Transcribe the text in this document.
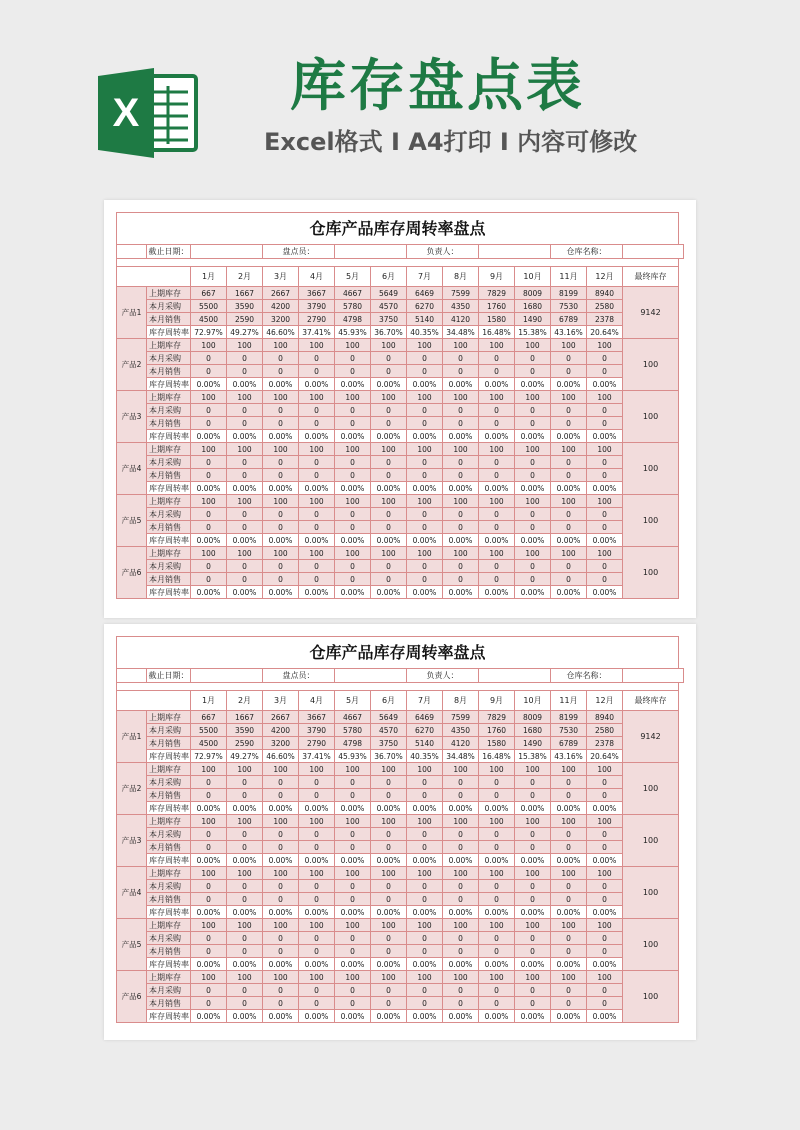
X	库存盘点表
Excel格式 I A4打印 I 内容可修改
仓库产品库存周转率盘点														
	截止日期：			盘点员：				负责人：				仓库名称：		

		1月	2月	3月	4月	5月	6月	7月	8月	9月	10月	11月	12月	最终库存
产品1	上期库存	667	1667	2667	3667	4667	5649	6469	7599	7829	8009	8199	8940	9142
	本月采购	5500	3590	4200	3790	5780	4570	6270	4350	1760	1680	7530	2580	
	本月销售	4500	2590	3200	2790	4798	3750	5140	4120	1580	1490	6789	2378	
	库存周转率	72.97%	49.27%	46.60%	37.41%	45.93%	36.70%	40.35%	34.48%	16.48%	15.38%	43.16%	20.64%	
产品2	上期库存	100	100	100	100	100	100	100	100	100	100	100	100	100
	本月采购	0	0	0	0	0	0	0	0	0	0	0	0	
	本月销售	0	0	0	0	0	0	0	0	0	0	0	0	
	库存周转率	0.00%	0.00%	0.00%	0.00%	0.00%	0.00%	0.00%	0.00%	0.00%	0.00%	0.00%	0.00%	
产品3	上期库存	100	100	100	100	100	100	100	100	100	100	100	100	100
	本月采购	0	0	0	0	0	0	0	0	0	0	0	0	
	本月销售	0	0	0	0	0	0	0	0	0	0	0	0	
	库存周转率	0.00%	0.00%	0.00%	0.00%	0.00%	0.00%	0.00%	0.00%	0.00%	0.00%	0.00%	0.00%	
产品4	上期库存	100	100	100	100	100	100	100	100	100	100	100	100	100
	本月采购	0	0	0	0	0	0	0	0	0	0	0	0	
	本月销售	0	0	0	0	0	0	0	0	0	0	0	0	
	库存周转率	0.00%	0.00%	0.00%	0.00%	0.00%	0.00%	0.00%	0.00%	0.00%	0.00%	0.00%	0.00%	
产品5	上期库存	100	100	100	100	100	100	100	100	100	100	100	100	100
	本月采购	0	0	0	0	0	0	0	0	0	0	0	0	
	本月销售	0	0	0	0	0	0	0	0	0	0	0	0	
	库存周转率	0.00%	0.00%	0.00%	0.00%	0.00%	0.00%	0.00%	0.00%	0.00%	0.00%	0.00%	0.00%	
产品6	上期库存	100	100	100	100	100	100	100	100	100	100	100	100	100
	本月采购	0	0	0	0	0	0	0	0	0	0	0	0	
	本月销售	0	0	0	0	0	0	0	0	0	0	0	0	
	库存周转率	0.00%	0.00%	0.00%	0.00%	0.00%	0.00%	0.00%	0.00%	0.00%	0.00%	0.00%	0.00%	
仓库产品库存周转率盘点														
	截止日期：			盘点员：				负责人：				仓库名称：		

		1月	2月	3月	4月	5月	6月	7月	8月	9月	10月	11月	12月	最终库存
产品1	上期库存	667	1667	2667	3667	4667	5649	6469	7599	7829	8009	8199	8940	9142
	本月采购	5500	3590	4200	3790	5780	4570	6270	4350	1760	1680	7530	2580	
	本月销售	4500	2590	3200	2790	4798	3750	5140	4120	1580	1490	6789	2378	
	库存周转率	72.97%	49.27%	46.60%	37.41%	45.93%	36.70%	40.35%	34.48%	16.48%	15.38%	43.16%	20.64%	
产品2	上期库存	100	100	100	100	100	100	100	100	100	100	100	100	100
	本月采购	0	0	0	0	0	0	0	0	0	0	0	0	
	本月销售	0	0	0	0	0	0	0	0	0	0	0	0	
	库存周转率	0.00%	0.00%	0.00%	0.00%	0.00%	0.00%	0.00%	0.00%	0.00%	0.00%	0.00%	0.00%	
产品3	上期库存	100	100	100	100	100	100	100	100	100	100	100	100	100
	本月采购	0	0	0	0	0	0	0	0	0	0	0	0	
	本月销售	0	0	0	0	0	0	0	0	0	0	0	0	
	库存周转率	0.00%	0.00%	0.00%	0.00%	0.00%	0.00%	0.00%	0.00%	0.00%	0.00%	0.00%	0.00%	
产品4	上期库存	100	100	100	100	100	100	100	100	100	100	100	100	100
	本月采购	0	0	0	0	0	0	0	0	0	0	0	0	
	本月销售	0	0	0	0	0	0	0	0	0	0	0	0	
	库存周转率	0.00%	0.00%	0.00%	0.00%	0.00%	0.00%	0.00%	0.00%	0.00%	0.00%	0.00%	0.00%	
产品5	上期库存	100	100	100	100	100	100	100	100	100	100	100	100	100
	本月采购	0	0	0	0	0	0	0	0	0	0	0	0	
	本月销售	0	0	0	0	0	0	0	0	0	0	0	0	
	库存周转率	0.00%	0.00%	0.00%	0.00%	0.00%	0.00%	0.00%	0.00%	0.00%	0.00%	0.00%	0.00%	
产品6	上期库存	100	100	100	100	100	100	100	100	100	100	100	100	100
	本月采购	0	0	0	0	0	0	0	0	0	0	0	0	
	本月销售	0	0	0	0	0	0	0	0	0	0	0	0	
	库存周转率	0.00%	0.00%	0.00%	0.00%	0.00%	0.00%	0.00%	0.00%	0.00%	0.00%	0.00%	0.00%	
